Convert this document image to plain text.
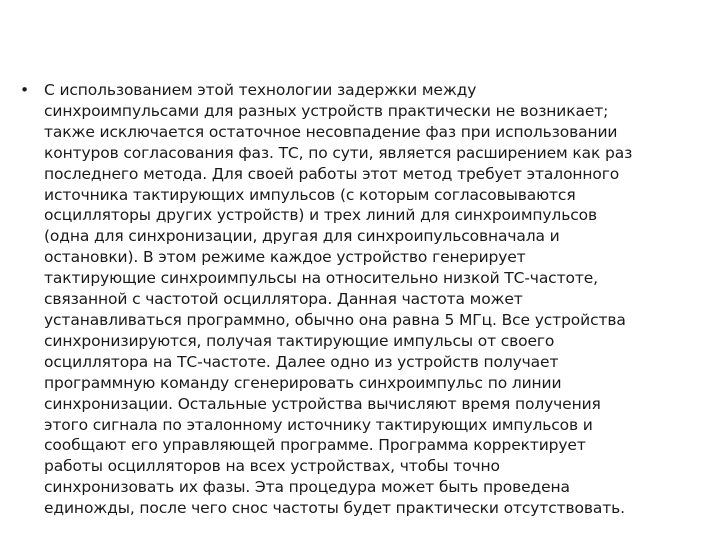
• С использованием этой технологии задержки между
синхроимпульсами для разных устройств практически не возникает;
также исключается остаточное несовпадение фаз при использовании
контуров согласования фаз. ТС, по сути, является расширением как раз
последнего метода. Для своей работы этот метод требует эталонного
источника тактирующих импульсов (с которым согласовываются
осцилляторы других устройств) и трех линий для синхроимпульсов
(одна для синхронизации, другая для синхроипульсовначала и
остановки). В этом режиме каждое устройство генерирует
тактирующие синхроимпульсы на относительно низкой ТС-частоте,
связанной с частотой осциллятора. Данная частота может
устанавливаться программно, обычно она равна 5 МГц. Все устройства
синхронизируются, получая тактирующие импульсы от своего
осциллятора на ТС-частоте. Далее одно из устройств получает
программную команду сгенерировать синхроимпульс по линии
синхронизации. Остальные устройства вычисляют время получения
этого сигнала по эталонному источнику тактирующих импульсов и
сообщают его управляющей программе. Программа корректирует
работы осцилляторов на всех устройствах, чтобы точно
синхронизовать их фазы. Эта процедура может быть проведена
единожды, после чего снос частоты будет практически отсутствовать.
